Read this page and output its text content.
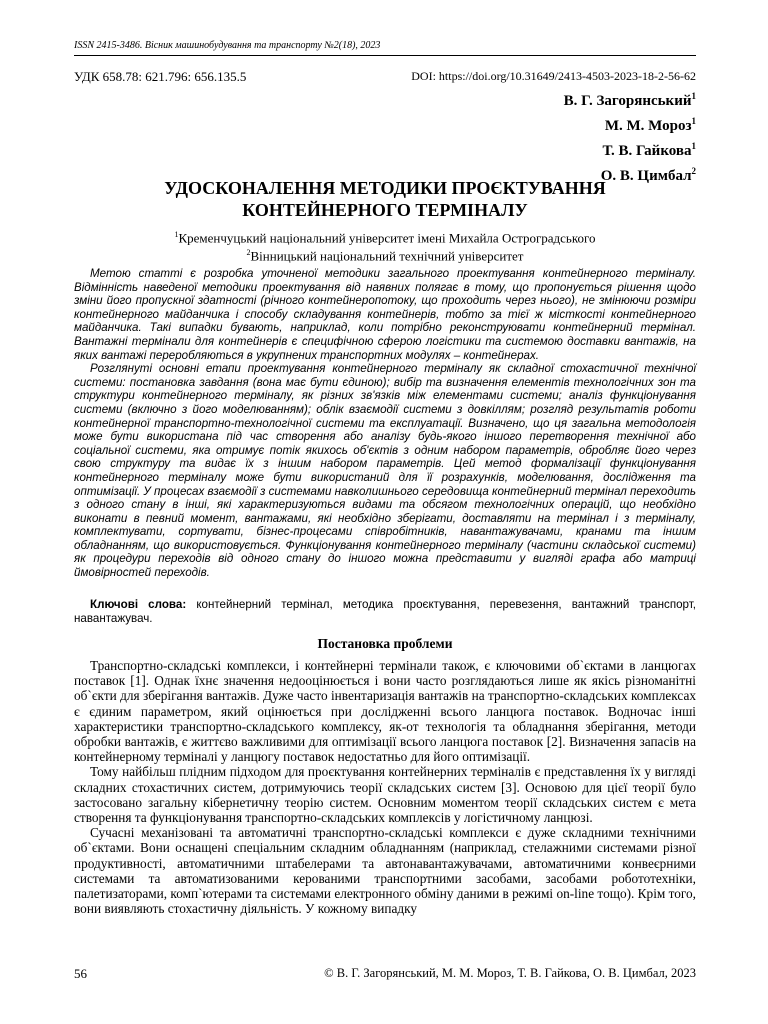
ISSN 2415-3486. Вісник машинобудування та транспорту №2(18), 2023
УДК 658.78: 621.796: 656.135.5	DOI: https://doi.org/10.31649/2413-4503-2023-18-2-56-62
В. Г. Загорянський$^1$
М. М. Мороз$^1$
Т. В. Гайкова$^1$
О. В. Цимбал$^2$
УДОСКОНАЛЕННЯ МЕТОДИКИ ПРОЄКТУВАННЯ
КОНТЕЙНЕРНОГО ТЕРМІНАЛУ
$^1$Кременчуцький національний університет імені Михайла Остроградського
$^2$Вінницький національний технічний університет

Метою статті є розробка уточненої методики загального проектування контейнерного терміналу. Відмінність наведеної методики проектування від наявних полягає в тому, що пропонується рішення щодо зміни його пропускної здатності (річного контейнеропотоку, що проходить через нього), не змінюючи розміри контейнерного майданчика і способу складування контейнерів, тобто за тієї ж місткості контейнерного майданчика. Такі випадки бувають, наприклад, коли потрібно реконструювати контейнерний термінал. Вантажні термінали для контейнерів є специфічною сферою логістики та системою доставки вантажів, на яких вантажі переробляються в укрупнених транспортних модулях – контейнерах.

Розглянуті основні етапи проектування контейнерного терміналу як складної стохастичної технічної системи: постановка завдання (вона має бути єдиною); вибір та визначення елементів технологічних зон та структури контейнерного терміналу, як різних зв'язків між елементами системи; аналіз функціонування системи (включно з його моделюванням); облік взаємодії системи з довкіллям; розгляд результатів роботи контейнерної транспортно-технологічної системи та експлуатації. Визначено, що ця загальна методологія може бути використана під час створення або аналізу будь-якого іншого перетворення технічної або соціальної системи, яка отримує потік якихось об'єктів з одним набором параметрів, обробляє його через свою структуру та видає їх з іншим набором параметрів. Цей метод формалізації функціонування контейнерного терміналу може бути використаний для її розрахунків, моделювання, дослідження та оптимізації. У процесах взаємодії з системами навколишнього середовища контейнерний термінал переходить з одного стану в інші, які характеризуються видами та обсягом технологічних операцій, що необхідно виконати в певний момент, вантажами, які необхідно зберігати, доставляти на термінал і з терміналу, комплектувати, сортувати, бізнес-процесами співробітників, навантажувачами, кранами та іншим обладнанням, що використовується. Функціонування контейнерного терміналу (частини складської системи) як процедури переходів від одного стану до іншого можна представити у вигляді графа або матриці ймовірностей переходів.

Ключові слова: контейнерний термінал, методика проєктування, перевезення, вантажний транспорт, навантажувач.
Постановка проблеми

Транспортно-складські комплекси, і контейнерні термінали також, є ключовими об`єктами в ланцюгах поставок [1]. Однак їхнє значення недооцінюється і вони часто розглядаються лише як якісь різноманітні об`єкти для зберігання вантажів. Дуже часто інвентаризація вантажів на транспортно-складських комплексах є єдиним параметром, який оцінюється при дослідженні всього ланцюга поставок. Водночас інші характеристики транспортно-складського комплексу, як-от технологія та обладнання зберігання, методи обробки вантажів, є життєво важливими для оптимізації всього ланцюга поставок [2]. Визначення запасів на контейнерному терміналі у ланцюгу поставок недостатньо для його оптимізації.

Тому найбільш плідним підходом для проєктування контейнерних терміналів є представлення їх у вигляді складних стохастичних систем, дотримуючись теорії складських систем [3]. Основою для цієї теорії було застосовано загальну кібернетичну теорію систем. Основним моментом теорії складських систем є мета створення та функціонування транспортно-складських комплексів у логістичному ланцюзі.

Сучасні механізовані та автоматичні транспортно-складські комплекси є дуже складними технічними об`єктами. Вони оснащені спеціальним складним обладнанням (наприклад, стелажними системами різної продуктивності, автоматичними штабелерами та автонавантажувачами, автоматичними конвеєрними системами та автоматизованими керованими транспортними засобами, засобами робототехніки, палетизаторами, комп`ютерами та системами електронного обміну даними в режимі on-line тощо). Крім того, вони виявляють стохастичну діяльність. У кожному випадку

56	© В. Г. Загорянський, М. М. Мороз, Т. В. Гайкова, О. В. Цимбал, 2023
